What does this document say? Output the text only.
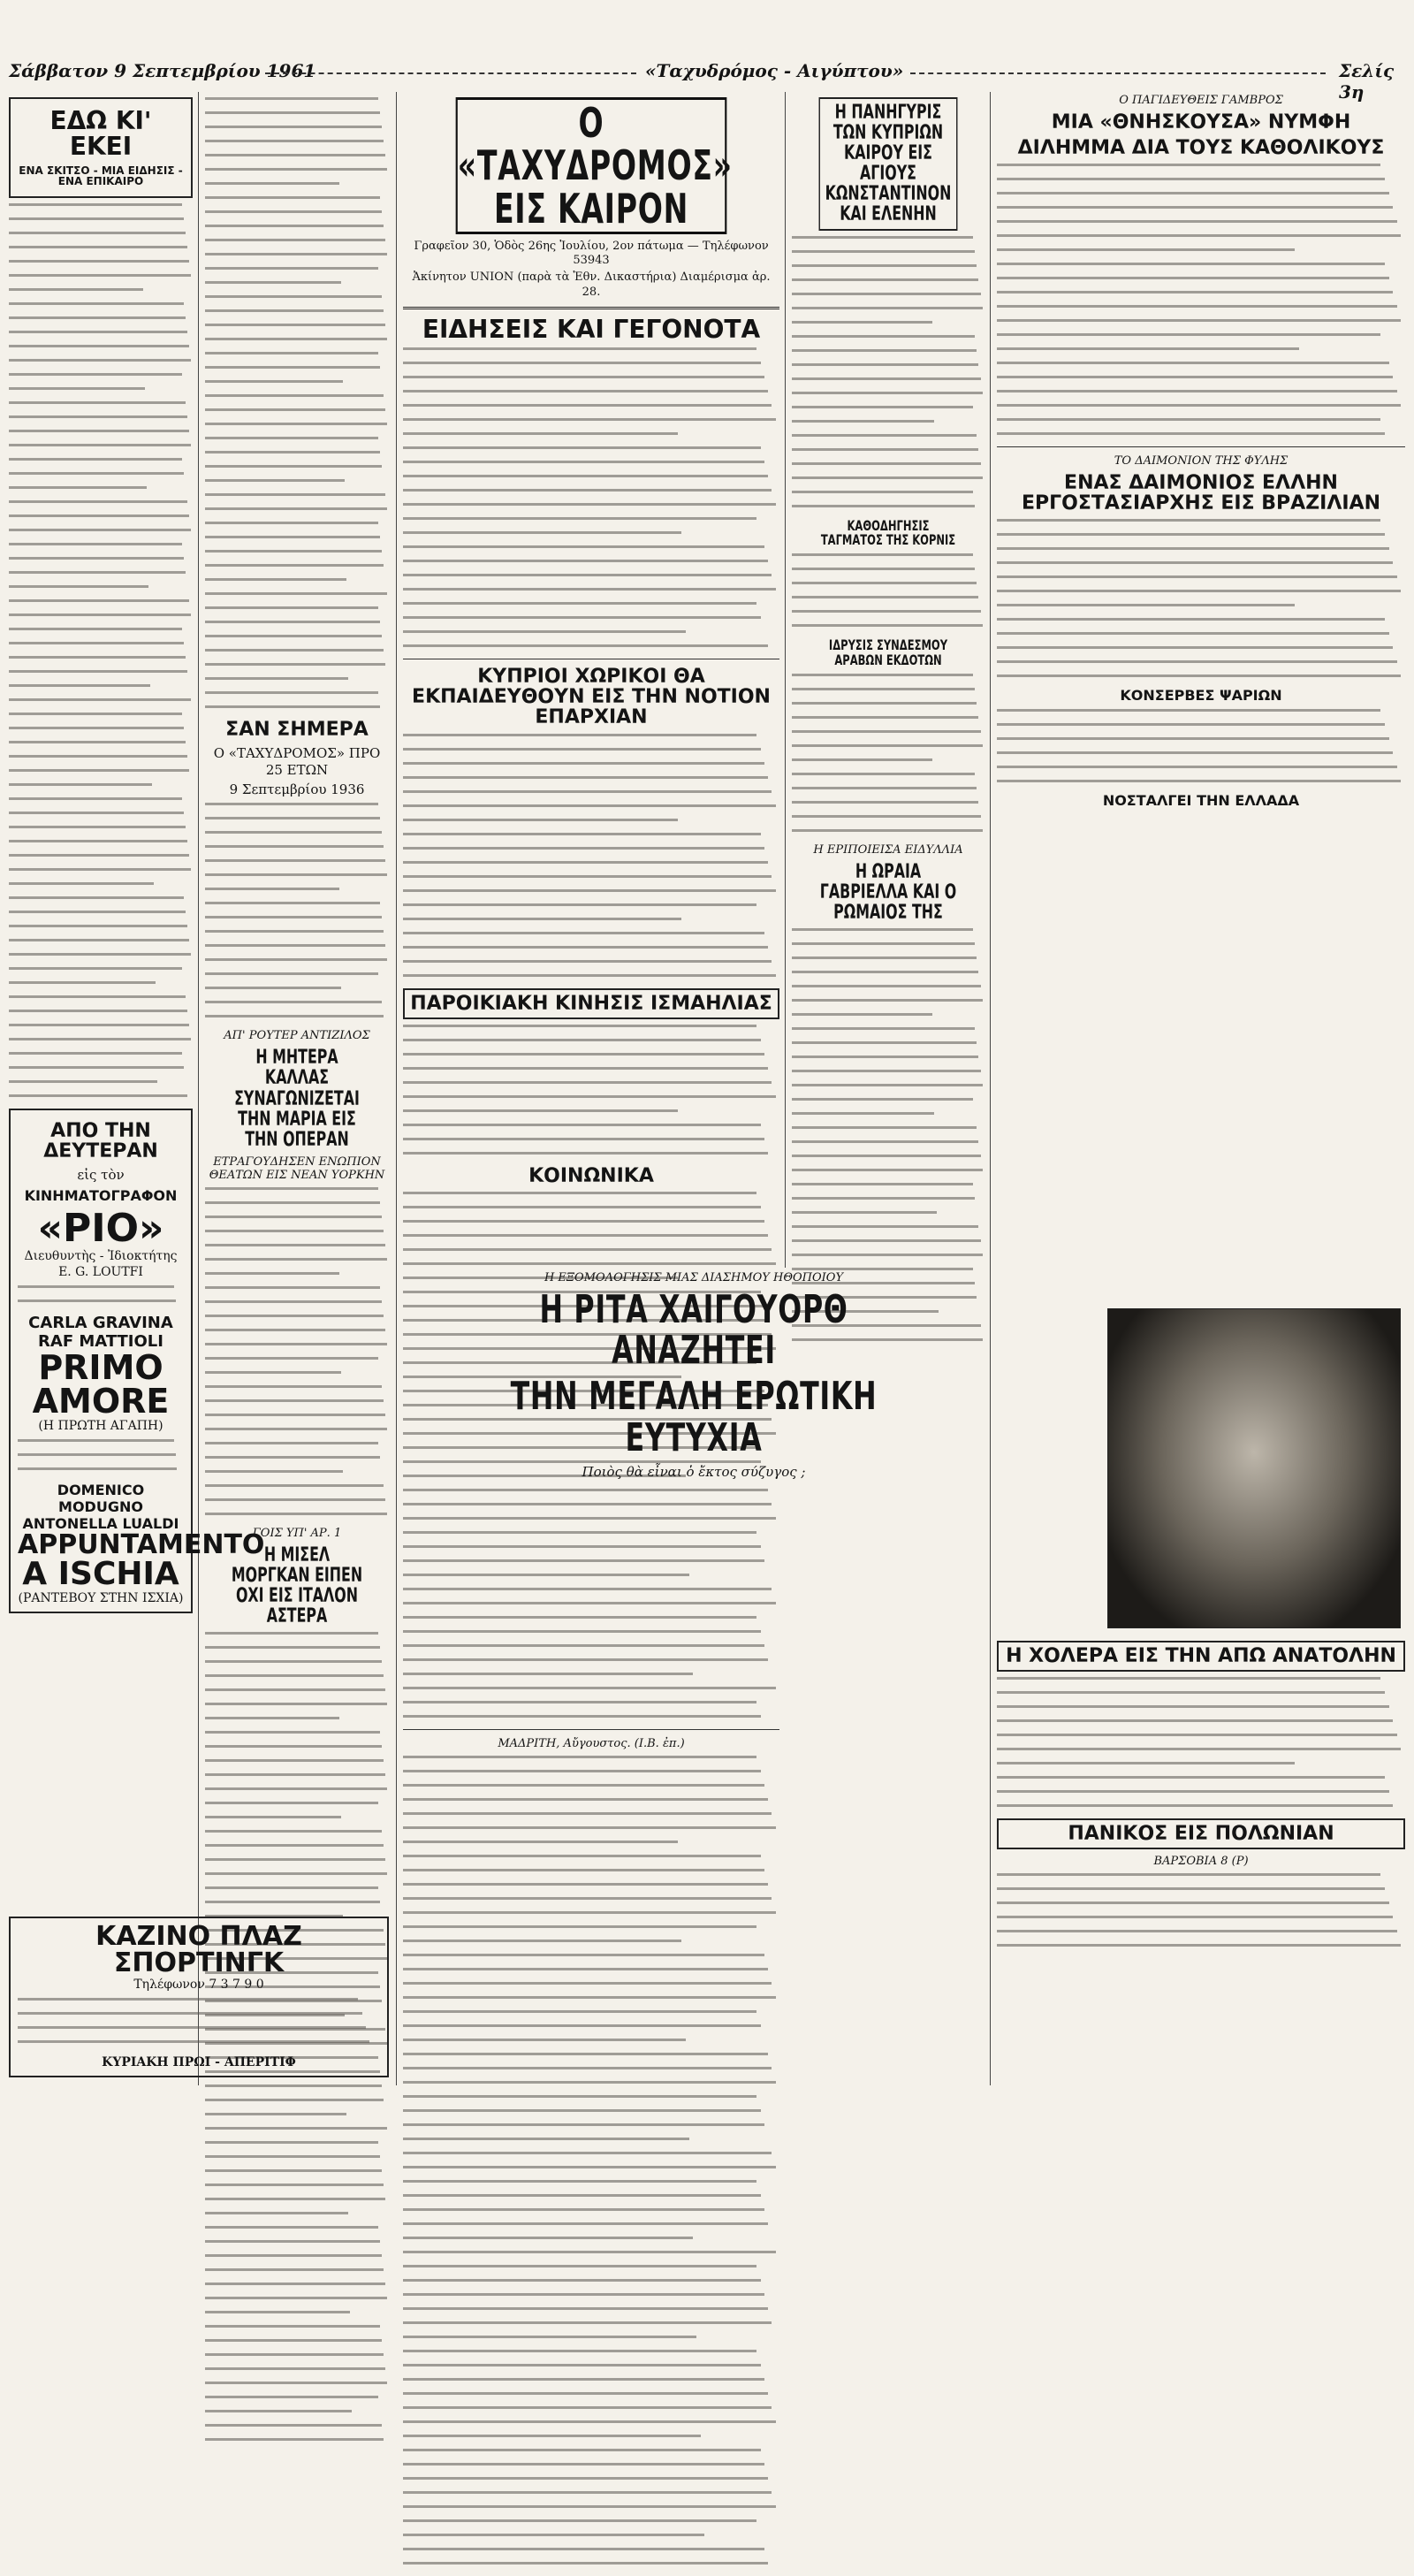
Σάββατον 9 Σεπτεμβρίου 1961	«Ταχυδρόμος - Αιγύπτου»	Σελίς 3η
ΕΔΩ ΚΙ' ΕΚΕΙ
ΕΝΑ ΣΚΙΤΣΟ - ΜΙΑ ΕΙΔΗΣΙΣ - ΕΝΑ ΕΠΙΚΑΙΡΟ
ΑΠΟ ΤΗΝ ΔΕΥΤΕΡΑΝ
εἰς τὸν
ΚΙΝΗΜΑΤΟΓΡΑΦΟΝ
«ΡΙΟ»
Διευθυντὴς - Ἰδιοκτήτης
Ε. G. LOUTFI
CARLA GRAVINA
RAF MATTIOLI
PRIMO AMORE
(Η ΠΡΩΤΗ ΑΓΑΠΗ)
DOMENICO MODUGNO
ANTONELLA LUALDI
APPUNTAMENTO
A ISCHIA
(ΡΑΝΤΕΒΟΥ ΣΤΗΝ ΙΣΧΙΑ)
ΣΑΝ ΣΗΜΕΡΑ
Ο «ΤΑΧΥΔΡΟΜΟΣ» ΠΡΟ 25 ΕΤΩΝ
9 Σεπτεμβρίου 1936
ΑΠ' ΡΟΥΤΕΡ ΑΝΤΙΖΙΛΟΣ
Η ΜΗΤΕΡΑ ΚΑΛΛΑΣ ΣΥΝΑΓΩΝΙΖΕΤΑΙ ΤΗΝ ΜΑΡΙΑ ΕΙΣ ΤΗΝ ΟΠΕΡΑΝ
ΕΤΡΑΓΟΥΔΗΣΕΝ ΕΝΩΠΙΟΝ ΘΕΑΤΩΝ ΕΙΣ ΝΕΑΝ ΥΟΡΚΗΝ
ΓΟΙΣ ΥΠ' ΑΡ. 1
Η ΜΙΣΕΛ ΜΟΡΓΚΑΝ ΕΙΠΕΝ ΟΧΙ ΕΙΣ ΙΤΑΛΟΝ ΑΣΤΕΡΑ
Ο «ΤΑΧΥΔΡΟΜΟΣ» ΕΙΣ ΚΑΙΡΟΝ
Γραφεῖον 30, Ὁδὸς 26ης Ἰουλίου, 2ον πάτωμα — Τηλέφωνον 53943
Ἀκίνητον UNION (παρὰ τὰ Ἐθν. Δικαστήρια) Διαμέρισμα ἀρ. 28.
ΕΙΔΗΣΕΙΣ ΚΑΙ ΓΕΓΟΝΟΤΑ
ΚΥΠΡΙΟΙ ΧΩΡΙΚΟΙ ΘΑ ΕΚΠΑΙΔΕΥΘΟΥΝ ΕΙΣ ΤΗΝ ΝΟΤΙΟΝ ΕΠΑΡΧΙΑΝ
ΠΑΡΟΙΚΙΑΚΗ ΚΙΝΗΣΙΣ ΙΣΜΑΗΛΙΑΣ
ΚΟΙΝΩΝΙΚΑ
ΜΑΔΡΙΤΗ, Αὔγουστος. (Ι.Β. ἐπ.)
Η ΠΑΝΗΓΥΡΙΣ ΤΩΝ ΚΥΠΡΙΩΝ ΚΑΙΡΟΥ ΕΙΣ ΑΓΙΟΥΣ ΚΩΝΣΤΑΝΤΙΝΟΝ ΚΑΙ ΕΛΕΝΗΝ
ΚΑΘΟΔΗΓΗΣΙΣ ΤΑΓΜΑΤΟΣ ΤΗΣ ΚΟΡΝΙΣ
ΙΔΡΥΣΙΣ ΣΥΝΔΕΣΜΟΥ ΑΡΑΒΩΝ ΕΚΔΟΤΩΝ
Η ΕΡΙΠΟΙΕΙΣΑ ΕΙΔΥΛΛΙΑ
Η ΩΡΑΙΑ ΓΑΒΡΙΕΛΛΑ ΚΑΙ Ο ΡΩΜΑΙΟΣ ΤΗΣ
Ο ΠΑΓΙΔΕΥΘΕΙΣ ΓΑΜΒΡΟΣ
ΜΙΑ «ΘΝΗΣΚΟΥΣΑ» ΝΥΜΦΗ
ΔΙΛΗΜΜΑ ΔΙΑ ΤΟΥΣ ΚΑΘΟΛΙΚΟΥΣ
ΤΟ ΔΑΙΜΟΝΙΟΝ ΤΗΣ ΦΥΛΗΣ
ΕΝΑΣ ΔΑΙΜΟΝΙΟΣ ΕΛΛΗΝ ΕΡΓΟΣΤΑΣΙΑΡΧΗΣ ΕΙΣ ΒΡΑΖΙΛΙΑΝ
ΚΟΝΣΕΡΒΕΣ ΨΑΡΙΩΝ
ΝΟΣΤΑΛΓΕΙ ΤΗΝ ΕΛΛΑΔΑ
Η ΕΞΟΜΟΛΟΓΗΣΙΣ ΜΙΑΣ ΔΙΑΣΗΜΟΥ ΗΘΟΠΟΙΟΥ
Η ΡΙΤΑ ΧΑΙΓΟΥΟΡΘ ΑΝΑΖΗΤΕΙ
ΤΗΝ ΜΕΓΑΛΗ ΕΡΩΤΙΚΗ ΕΥΤΥΧΙΑ
Ποιὸς θὰ εἶναι ὁ ἔκτος σύζυγος ;
Η ΧΟΛΕΡΑ ΕΙΣ ΤΗΝ ΑΠΩ ΑΝΑΤΟΛΗΝ
ΠΑΝΙΚΟΣ ΕΙΣ ΠΟΛΩΝΙΑΝ
ΒΑΡΣΟΒΙΑ 8 (Ρ)
ΚΑΖΙΝΟ ΠΛΑΖ ΣΠΟΡΤΙΝΓΚ
Τηλέφωνον 7 3 7 9 0
ΚΥΡΙΑΚΗ ΠΡΩΙ - ΑΠΕΡΙΤΙΦ
